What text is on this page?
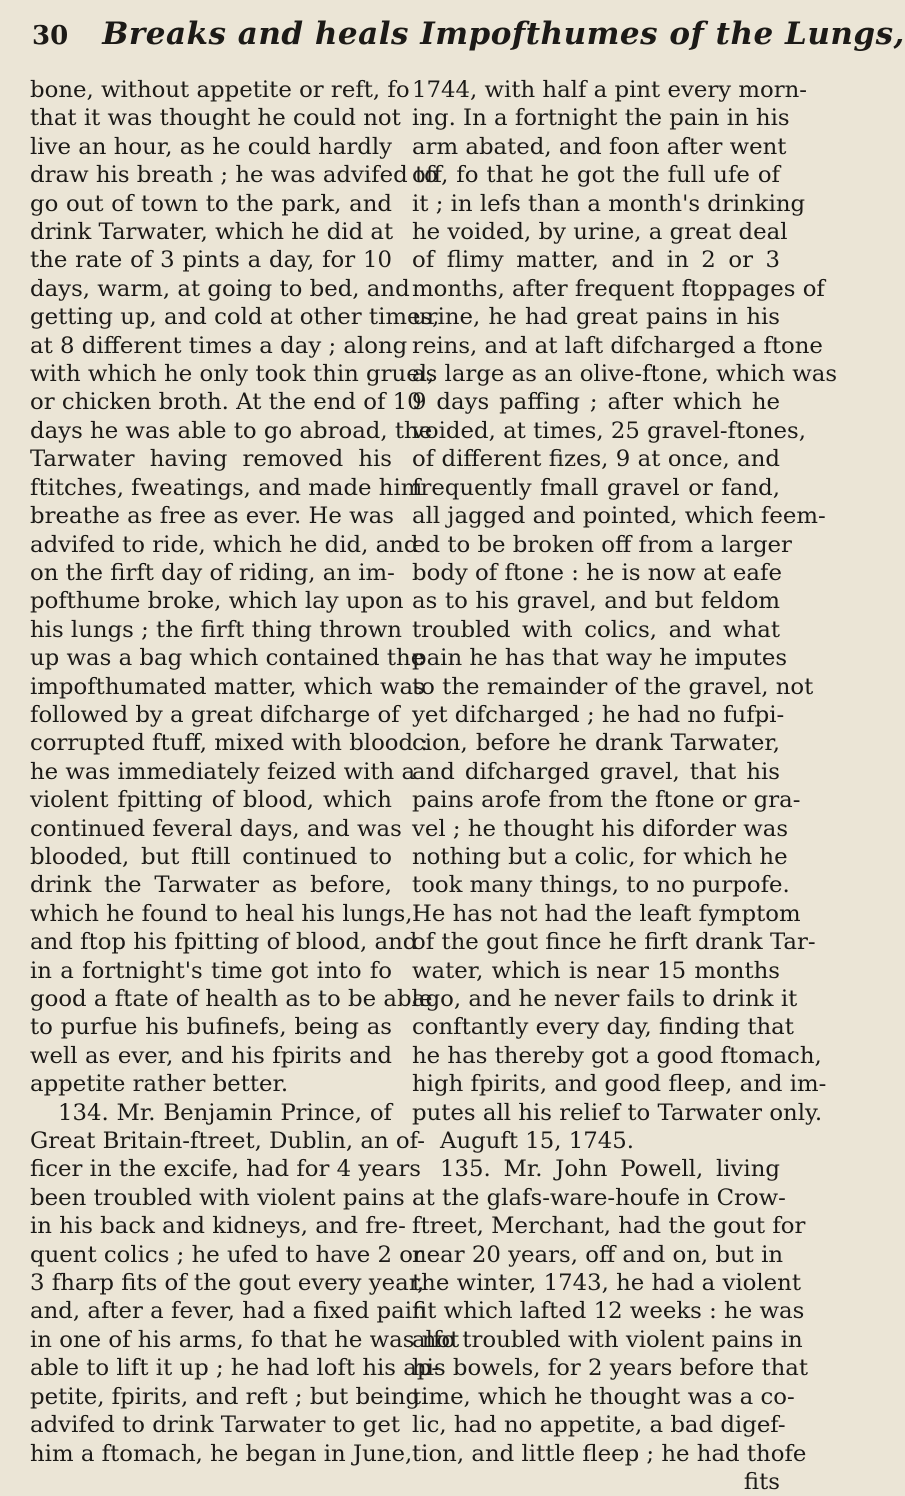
30 Breaks and heals Impofthumes of the Lungs,
bone, without appetite or reft, fo
that it was thought he could not
live an hour, as he could hardly
draw his breath ; he was advifed to
go out of town to the park, and
drink Tarwater, which he did at
the rate of 3 pints a day, for 10
days, warm, at going to bed, and
getting up, and cold at other times,
at 8 different times a day ; along
with which he only took thin gruel,
or chicken broth. At the end of 10
days he was able to go abroad, the
Tarwater having removed his
ftitches, fweatings, and made him
breathe as free as ever. He was
advifed to ride, which he did, and
on the firft day of riding, an im-
pofthume broke, which lay upon
his lungs ; the firft thing thrown
up was a bag which contained the
impofthumated matter, which was
followed by a great difcharge of
corrupted ftuff, mixed with blood :
he was immediately feized with a
violent fpitting of blood, which
continued feveral days, and was
blooded, but ftill continued to
drink the Tarwater as before,
which he found to heal his lungs,
and ftop his fpitting of blood, and
in a fortnight's time got into fo
good a ftate of health as to be able
to purfue his bufinefs, being as
well as ever, and his fpirits and
appetite rather better.
134. Mr. Benjamin Prince, of
Great Britain-ftreet, Dublin, an of-
ficer in the excife, had for 4 years
been troubled with violent pains
in his back and kidneys, and fre-
quent colics ; he ufed to have 2 or
3 fharp fits of the gout every year,
and, after a fever, had a fixed pain
in one of his arms, fo that he was not
able to lift it up ; he had loft his ap-
petite, fpirits, and reft ; but being
advifed to drink Tarwater to get
him a ftomach, he began in June,
1744, with half a pint every morn-
ing. In a fortnight the pain in his
arm abated, and foon after went
off, fo that he got the full ufe of
it ; in lefs than a month's drinking
he voided, by urine, a great deal
of flimy matter, and in 2 or 3
months, after frequent ftoppages of
urine, he had great pains in his
reins, and at laft difcharged a ftone
as large as an olive-ftone, which was
9 days paffing ; after which he
voided, at times, 25 gravel-ftones,
of different fizes, 9 at once, and
frequently fmall gravel or fand,
all jagged and pointed, which feem-
ed to be broken off from a larger
body of ftone : he is now at eafe
as to his gravel, and but feldom
troubled with colics, and what
pain he has that way he imputes
to the remainder of the gravel, not
yet difcharged ; he had no fufpi-
cion, before he drank Tarwater,
and difcharged gravel, that his
pains arofe from the ftone or gra-
vel ; he thought his diforder was
nothing but a colic, for which he
took many things, to no purpofe.
He has not had the leaft fymptom
of the gout fince he firft drank Tar-
water, which is near 15 months
ago, and he never fails to drink it
conftantly every day, finding that
he has thereby got a good ftomach,
high fpirits, and good fleep, and im-
putes all his relief to Tarwater only.
Auguft 15, 1745.
135. Mr. John Powell, living
at the glafs-ware-houfe in Crow-
ftreet, Merchant, had the gout for
near 20 years, off and on, but in
the winter, 1743, he had a violent
fit which lafted 12 weeks : he was
alfo troubled with violent pains in
his bowels, for 2 years before that
time, which he thought was a co-
lic, had no appetite, a bad digef-
tion, and little fleep ; he had thofe
fits
